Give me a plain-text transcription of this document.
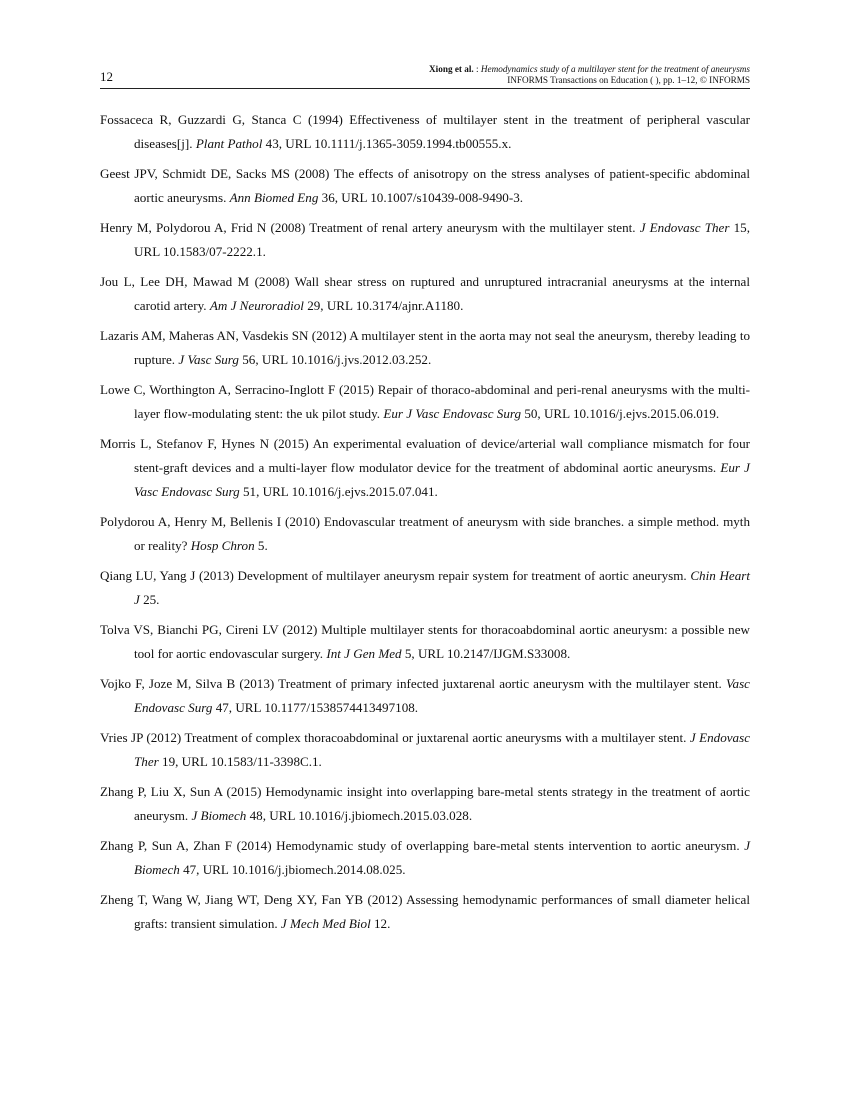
12	Xiong et al. : Hemodynamics study of a multilayer stent for the treatment of aneurysms
INFORMS Transactions on Education ( ), pp. 1–12, © INFORMS

Fossaceca R, Guzzardi G, Stanca C (1994) Effectiveness of multilayer stent in the treatment of peripheral vascular diseases[j]. Plant Pathol 43, URL 10.1111/j.1365-3059.1994.tb00555.x.

Geest JPV, Schmidt DE, Sacks MS (2008) The effects of anisotropy on the stress analyses of patient-specific abdominal aortic aneurysms. Ann Biomed Eng 36, URL 10.1007/s10439-008-9490-3.

Henry M, Polydorou A, Frid N (2008) Treatment of renal artery aneurysm with the multilayer stent. J Endovasc Ther 15, URL 10.1583/07-2222.1.

Jou L, Lee DH, Mawad M (2008) Wall shear stress on ruptured and unruptured intracranial aneurysms at the internal carotid artery. Am J Neuroradiol 29, URL 10.3174/ajnr.A1180.

Lazaris AM, Maheras AN, Vasdekis SN (2012) A multilayer stent in the aorta may not seal the aneurysm, thereby leading to rupture. J Vasc Surg 56, URL 10.1016/j.jvs.2012.03.252.

Lowe C, Worthington A, Serracino-Inglott F (2015) Repair of thoraco-abdominal and peri-renal aneurysms with the multi-layer flow-modulating stent: the uk pilot study. Eur J Vasc Endovasc Surg 50, URL 10.1016/j.ejvs.2015.06.019.

Morris L, Stefanov F, Hynes N (2015) An experimental evaluation of device/arterial wall compliance mismatch for four stent-graft devices and a multi-layer flow modulator device for the treatment of abdominal aortic aneurysms. Eur J Vasc Endovasc Surg 51, URL 10.1016/j.ejvs.2015.07.041.

Polydorou A, Henry M, Bellenis I (2010) Endovascular treatment of aneurysm with side branches. a simple method. myth or reality? Hosp Chron 5.

Qiang LU, Yang J (2013) Development of multilayer aneurysm repair system for treatment of aortic aneurysm. Chin Heart J 25.

Tolva VS, Bianchi PG, Cireni LV (2012) Multiple multilayer stents for thoracoabdominal aortic aneurysm: a possible new tool for aortic endovascular surgery. Int J Gen Med 5, URL 10.2147/IJGM.S33008.

Vojko F, Joze M, Silva B (2013) Treatment of primary infected juxtarenal aortic aneurysm with the multilayer stent. Vasc Endovasc Surg 47, URL 10.1177/1538574413497108.

Vries JP (2012) Treatment of complex thoracoabdominal or juxtarenal aortic aneurysms with a multilayer stent. J Endovasc Ther 19, URL 10.1583/11-3398C.1.

Zhang P, Liu X, Sun A (2015) Hemodynamic insight into overlapping bare-metal stents strategy in the treatment of aortic aneurysm. J Biomech 48, URL 10.1016/j.jbiomech.2015.03.028.

Zhang P, Sun A, Zhan F (2014) Hemodynamic study of overlapping bare-metal stents intervention to aortic aneurysm. J Biomech 47, URL 10.1016/j.jbiomech.2014.08.025.

Zheng T, Wang W, Jiang WT, Deng XY, Fan YB (2012) Assessing hemodynamic performances of small diameter helical grafts: transient simulation. J Mech Med Biol 12.
